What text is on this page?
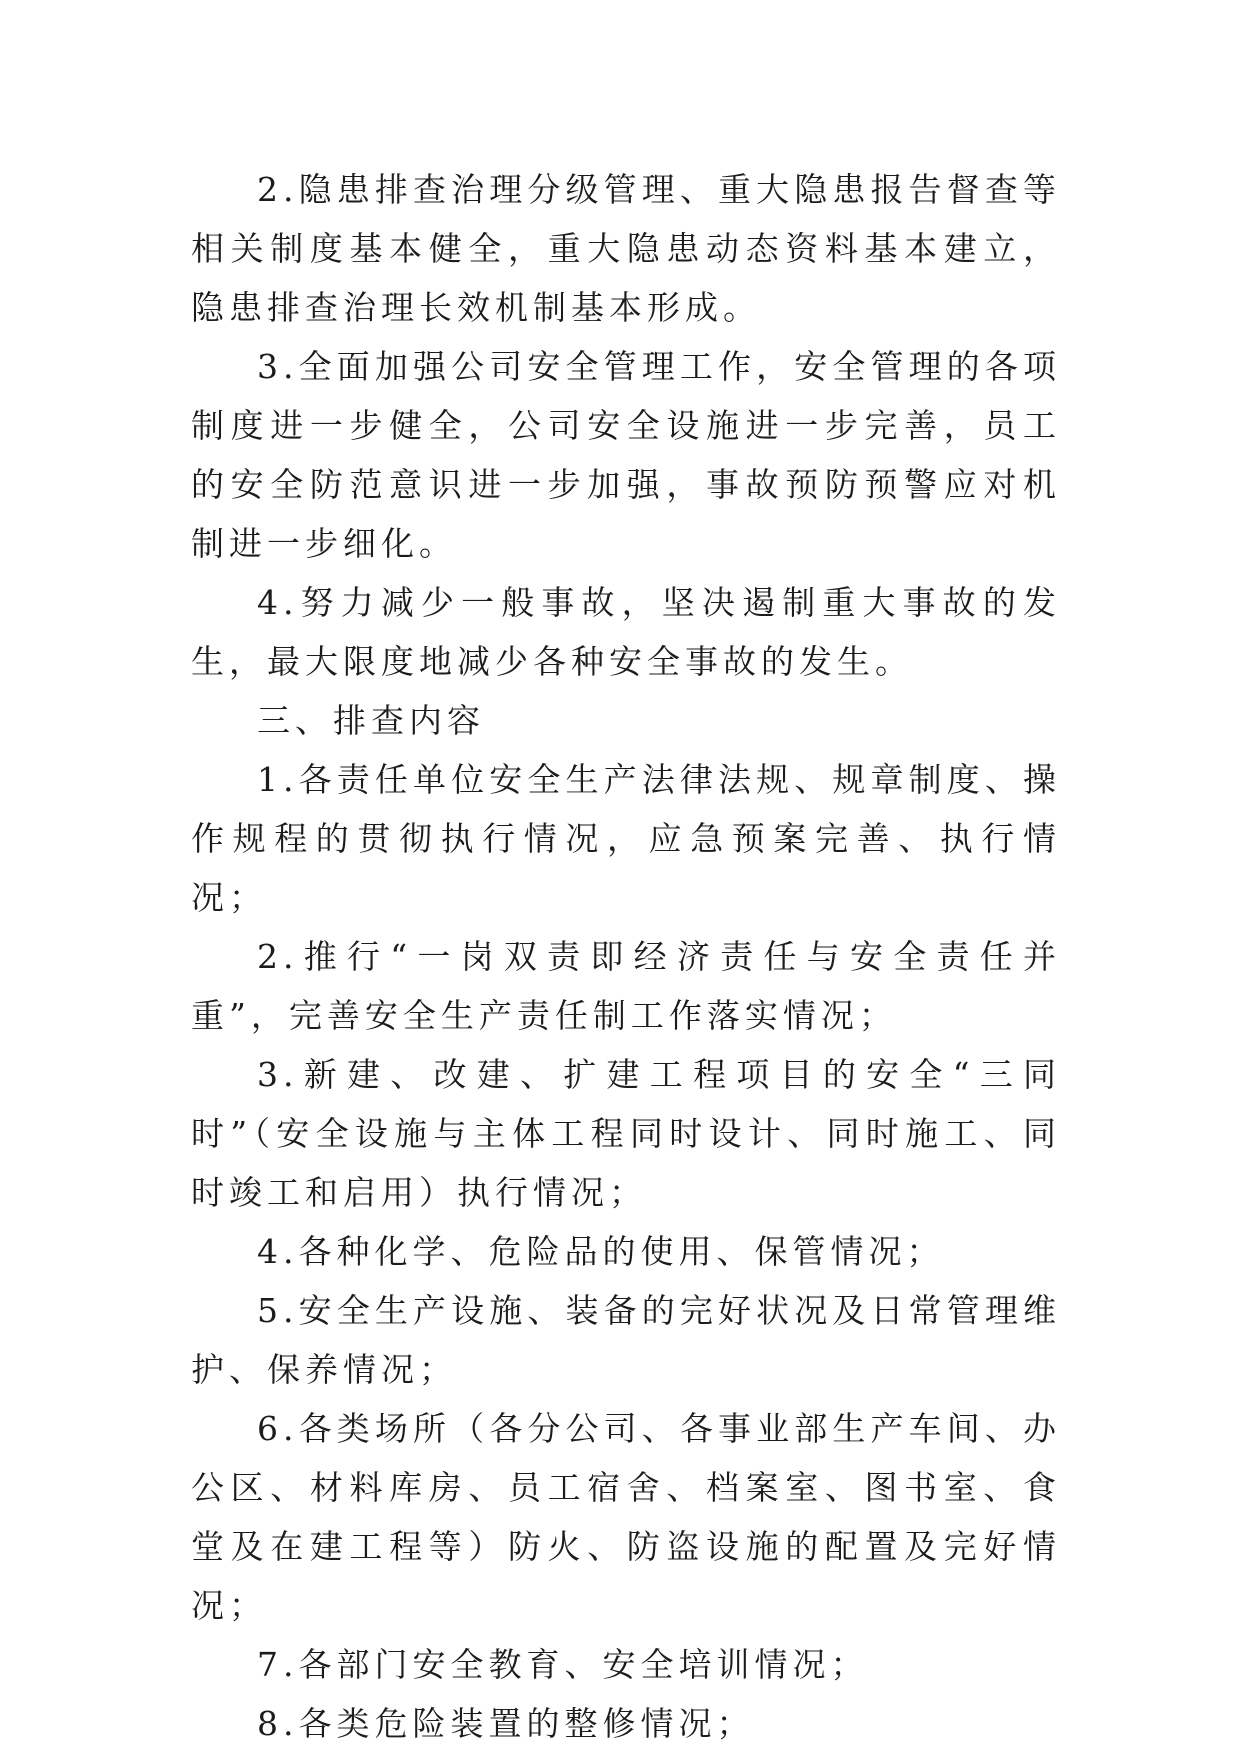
2.隐患排查治理分级管理、重大隐患报告督查等相关制度基本健全，重大隐患动态资料基本建立，隐患排查治理长效机制基本形成。

3.全面加强公司安全管理工作，安全管理的各项制度进一步健全，公司安全设施进一步完善，员工的安全防范意识进一步加强，事故预防预警应对机制进一步细化。

4.努力减少一般事故，坚决遏制重大事故的发生，最大限度地减少各种安全事故的发生。

三、排查内容

1.各责任单位安全生产法律法规、规章制度、操作规程的贯彻执行情况，应急预案完善、执行情况；

2.推行“一岗双责即经济责任与安全责任并重”，完善安全生产责任制工作落实情况；

3.新建、改建、扩建工程项目的安全“三同时”（安全设施与主体工程同时设计、同时施工、同时竣工和启用）执行情况；

4.各种化学、危险品的使用、保管情况；

5.安全生产设施、装备的完好状况及日常管理维护、保养情况；

6.各类场所（各分公司、各事业部生产车间、办公区、材料库房、员工宿舍、档案室、图书室、食堂及在建工程等）防火、防盗设施的配置及完好情况；

7.各部门安全教育、安全培训情况；

8.各类危险装置的整修情况；
